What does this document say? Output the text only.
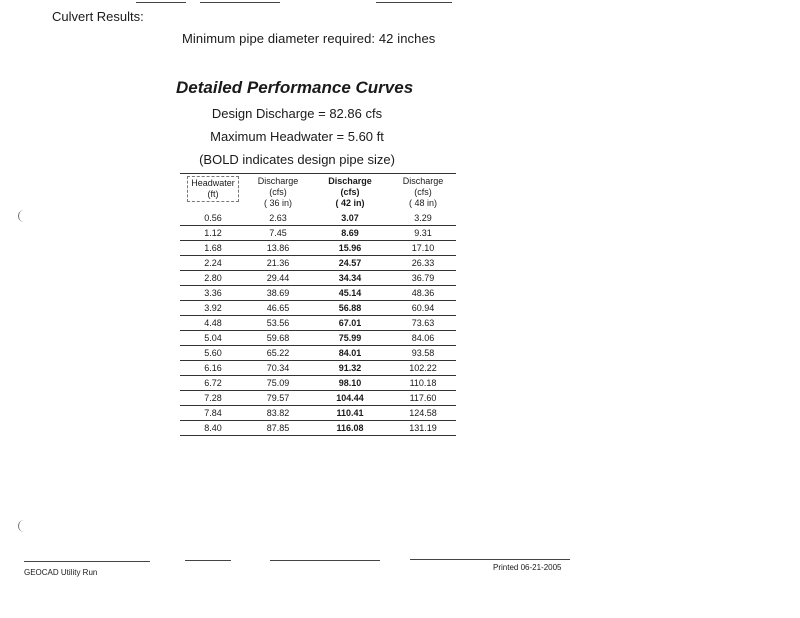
Culvert Results:
Minimum pipe diameter required: 42 inches
Detailed Performance Curves
Design Discharge = 82.86 cfs
Maximum Headwater = 5.60 ft
(BOLD indicates design pipe size)
Headwater
(ft)	Discharge
(cfs)
( 36 in)	Discharge
(cfs)
( 42 in)	Discharge
(cfs)
( 48 in)
0.56	2.63	3.07	3.29
1.12	7.45	8.69	9.31
1.68	13.86	15.96	17.10
2.24	21.36	24.57	26.33
2.80	29.44	34.34	36.79
3.36	38.69	45.14	48.36
3.92	46.65	56.88	60.94
4.48	53.56	67.01	73.63
5.04	59.68	75.99	84.06
5.60	65.22	84.01	93.58
6.16	70.34	91.32	102.22
6.72	75.09	98.10	110.18
7.28	79.57	104.44	117.60
7.84	83.82	110.41	124.58
8.40	87.85	116.08	131.19
GEOCAD Utility Run
Printed 06-21-2005
